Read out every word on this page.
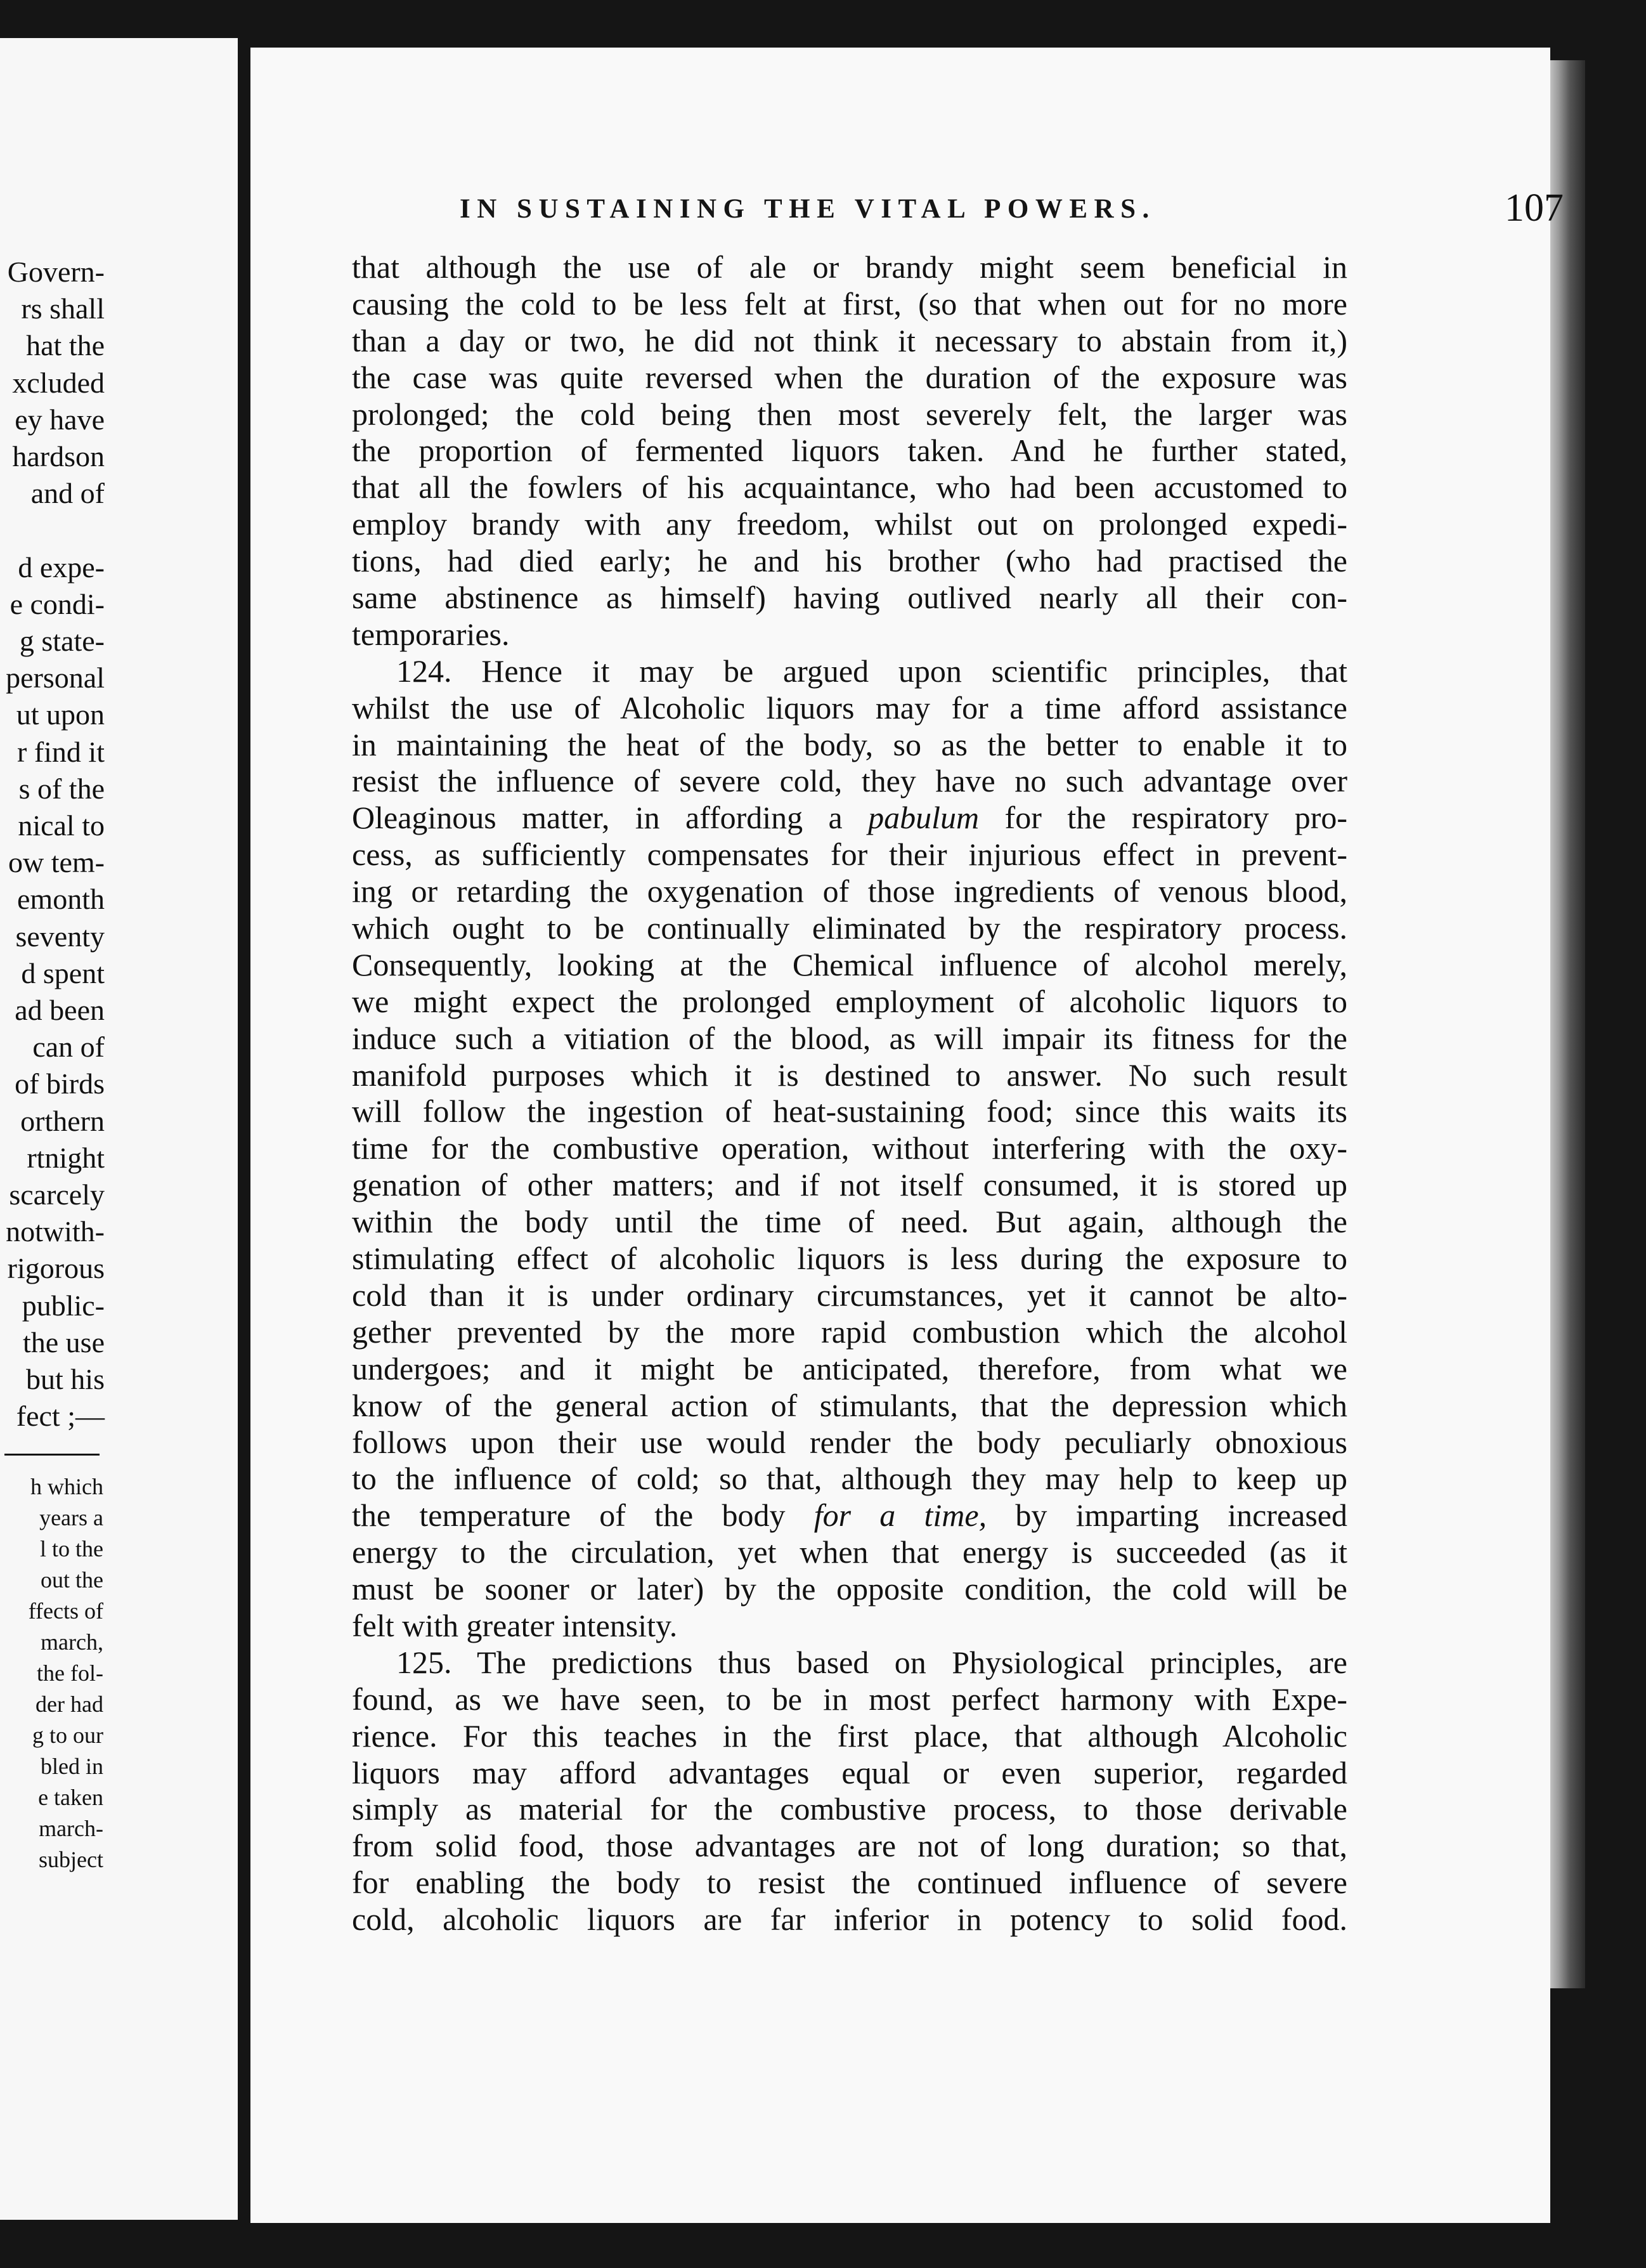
Govern-
rs shall
hat the
xcluded
ey have
hardson
and of

d expe-
e condi-
g state-
personal
ut upon
r find it
s of the
nical to
ow tem-
emonth
seventy
d spent
ad been
can of
of birds
orthern
rtnight
scarcely
notwith-
rigorous
public-
the use
but his
fect ;—
h which
years a
l to the
out the
ffects of
march,
the fol-
der had
g to our
bled in
e taken
march-
subject
IN SUSTAINING THE VITAL POWERS.	107
that although the use of ale or brandy might seem beneficial in
causing the cold to be less felt at first, (so that when out for no more
than a day or two, he did not think it necessary to abstain from it,)
the case was quite reversed when the duration of the exposure was
prolonged; the cold being then most severely felt, the larger was
the proportion of fermented liquors taken. And he further stated,
that all the fowlers of his acquaintance, who had been accustomed to
employ brandy with any freedom, whilst out on prolonged expedi-
tions, had died early; he and his brother (who had practised the
same abstinence as himself) having outlived nearly all their con-
temporaries.
124. Hence it may be argued upon scientific principles, that
whilst the use of Alcoholic liquors may for a time afford assistance
in maintaining the heat of the body, so as the better to enable it to
resist the influence of severe cold, they have no such advantage over
Oleaginous matter, in affording a pabulum for the respiratory pro-
cess, as sufficiently compensates for their injurious effect in prevent-
ing or retarding the oxygenation of those ingredients of venous blood,
which ought to be continually eliminated by the respiratory process.
Consequently, looking at the Chemical influence of alcohol merely,
we might expect the prolonged employment of alcoholic liquors to
induce such a vitiation of the blood, as will impair its fitness for the
manifold purposes which it is destined to answer. No such result
will follow the ingestion of heat-sustaining food; since this waits its
time for the combustive operation, without interfering with the oxy-
genation of other matters; and if not itself consumed, it is stored up
within the body until the time of need. But again, although the
stimulating effect of alcoholic liquors is less during the exposure to
cold than it is under ordinary circumstances, yet it cannot be alto-
gether prevented by the more rapid combustion which the alcohol
undergoes; and it might be anticipated, therefore, from what we
know of the general action of stimulants, that the depression which
follows upon their use would render the body peculiarly obnoxious
to the influence of cold; so that, although they may help to keep up
the temperature of the body for a time, by imparting increased
energy to the circulation, yet when that energy is succeeded (as it
must be sooner or later) by the opposite condition, the cold will be
felt with greater intensity.
125. The predictions thus based on Physiological principles, are
found, as we have seen, to be in most perfect harmony with Expe-
rience. For this teaches in the first place, that although Alcoholic
liquors may afford advantages equal or even superior, regarded
simply as material for the combustive process, to those derivable
from solid food, those advantages are not of long duration; so that,
for enabling the body to resist the continued influence of severe
cold, alcoholic liquors are far inferior in potency to solid food.
